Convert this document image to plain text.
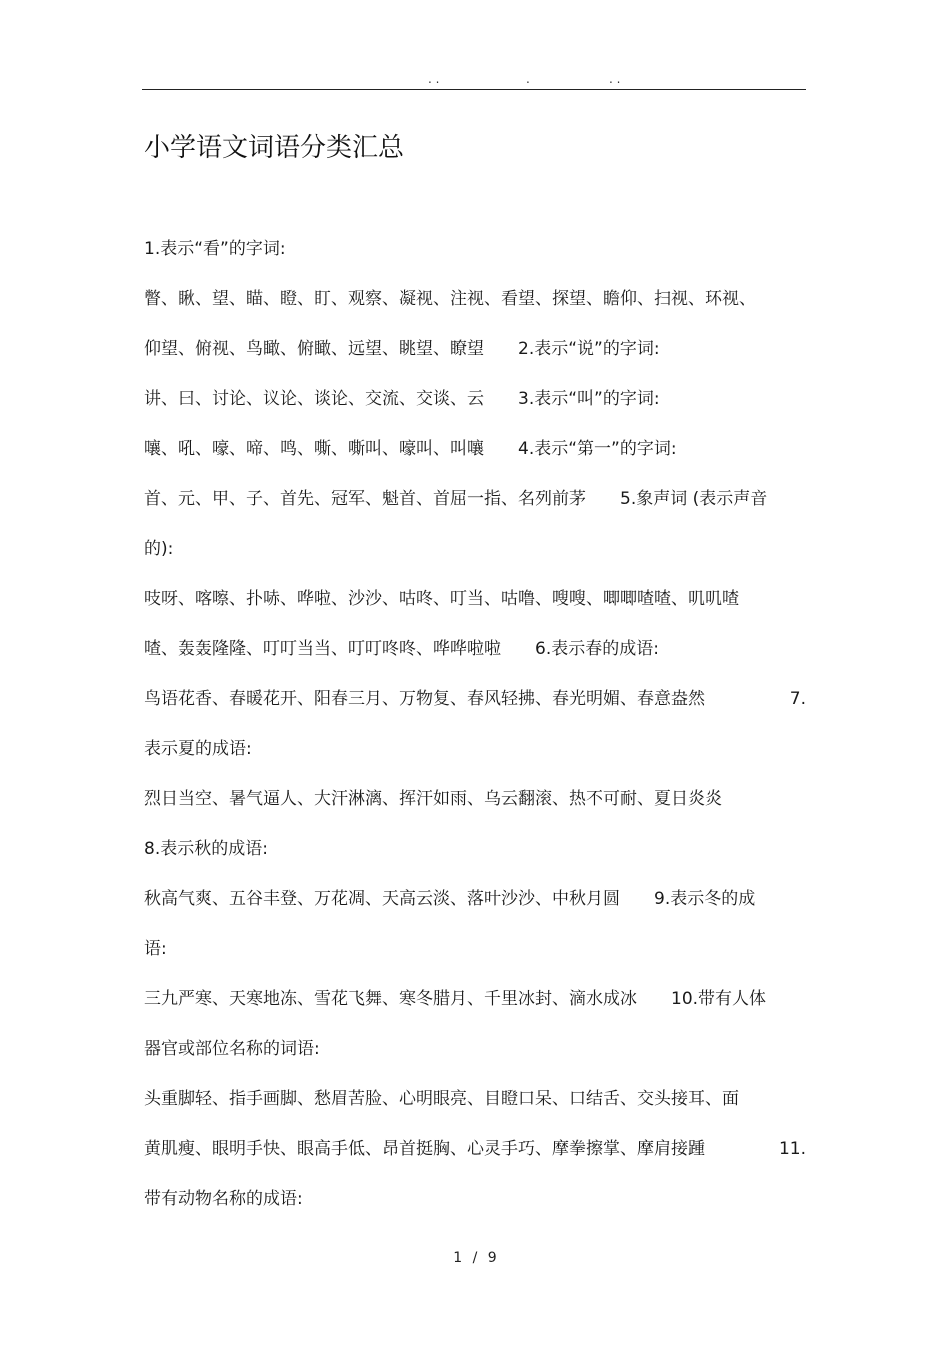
. .	.	. .
小学语文词语分类汇总
1.表示“看”的字词:
瞥、瞅、望、瞄、瞪、盯、观察、凝视、注视、看望、探望、瞻仰、扫视、环视、
仰望、俯视、鸟瞰、俯瞰、远望、眺望、瞭望 2.表示“说”的字词:
讲、曰、讨论、议论、谈论、交流、交谈、云 3.表示“叫”的字词:
嚷、吼、嚎、啼、鸣、嘶、嘶叫、嚎叫、叫嚷 4.表示“第一”的字词:
首、元、甲、子、首先、冠军、魁首、首屈一指、名列前茅 5.象声词 (表示声音
的):
吱呀、喀嚓、扑哧、哗啦、沙沙、咕咚、叮当、咕噜、嗖嗖、唧唧喳喳、叽叽喳
喳、轰轰隆隆、叮叮当当、叮叮咚咚、哗哗啦啦 6.表示春的成语:
鸟语花香、春暖花开、阳春三月、万物复、春风轻拂、春光明媚、春意盎然	7.
表示夏的成语:
烈日当空、暑气逼人、大汗淋漓、挥汗如雨、乌云翻滚、热不可耐、夏日炎炎
8.表示秋的成语:
秋高气爽、五谷丰登、万花凋、天高云淡、落叶沙沙、中秋月圆 9.表示冬的成
语:
三九严寒、天寒地冻、雪花飞舞、寒冬腊月、千里冰封、滴水成冰 10.带有人体
器官或部位名称的词语:
头重脚轻、指手画脚、愁眉苦脸、心明眼亮、目瞪口呆、口结舌、交头接耳、面
黄肌瘦、眼明手快、眼高手低、昂首挺胸、心灵手巧、摩拳擦掌、摩肩接踵	11.
带有动物名称的成语:
1 / 9
